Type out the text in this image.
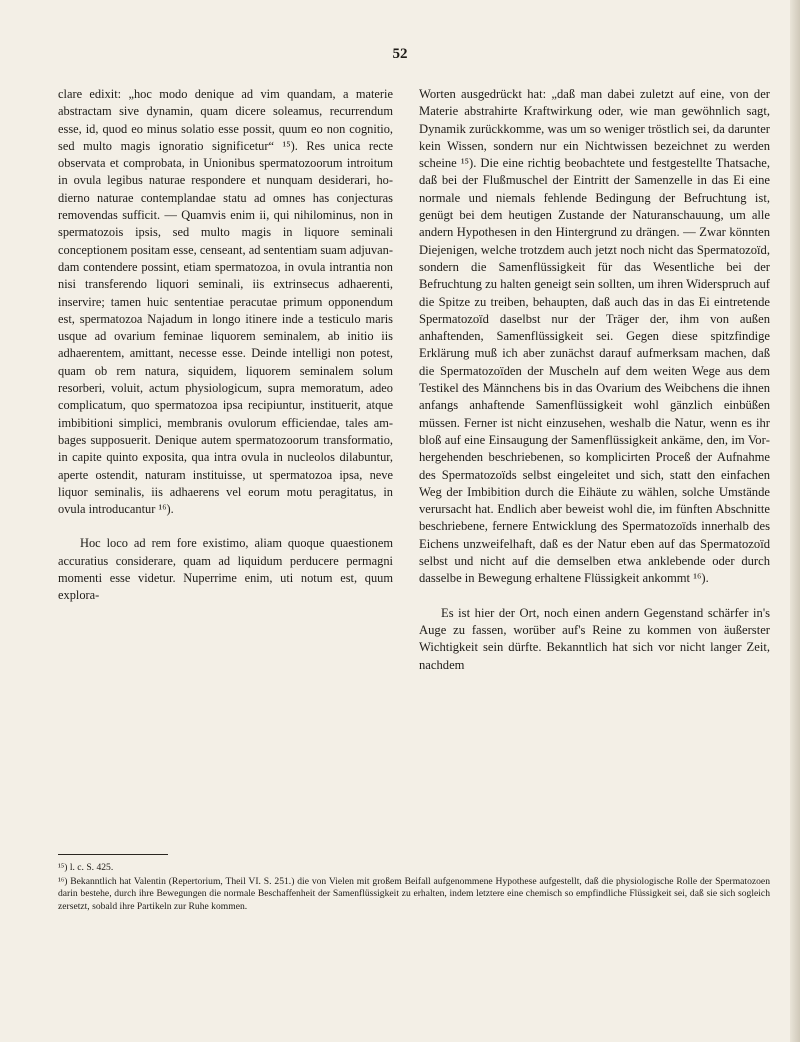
52

clare edixit: „hoc modo denique ad vim quandam, a materie abstractam sive dynamin, quam dicere soleamus, recurrendum esse, id, quod eo minus solatio esse possit, quum eo non cognitio, sed multo magis ignoratio significetur“ ¹⁵). Res unica recte observata et comprobata, in Unionibus spermatozoorum introitum in ovula legibus naturae respondere et nunquam desiderari, hodierno naturae contemplandae statu ad omnes has conjecturas removendas sufficit. — Quamvis enim ii, qui nihilominus, non in spermatozois ipsis, sed multo magis in liquore seminali conceptionem positam esse, censeant, ad sententiam suam adjuvandam contendere possint, etiam spermatozoa, in ovula intrantia non nisi transferendo liquori seminali, iis extrinsecus adhaerenti, inservire; tamen huic sententiae peracutae primum opponendum est, spermatozoa Najadum in longo itinere inde a testiculo maris usque ad ovarium feminae liquorem seminalem, ab initio iis adhaerentem, amittant, necesse esse. Deinde intelligi non potest, quam ob rem natura, siquidem, liquorem seminalem solum resorberi, voluit, actum physiologicum, supra memoratum, adeo complicatum, quo spermatozoa ipsa recipiuntur, instituerit, atque imbibitioni simplici, membranis ovulorum efficiendae, tales ambages supposuerit. Denique autem spermatozoorum transformatio, in capite quinto exposita, qua intra ovula in nucleolos dilabuntur, aperte ostendit, naturam instituisse, ut spermatozoa ipsa, neve liquor seminalis, iis adhaerens vel eorum motu peragitatus, in ovula introducantur ¹⁶).

Hoc loco ad rem fore existimo, aliam quoque quaestionem accuratius considerare, quam ad liquidum perducere permagni momenti esse videtur. Nuperrime enim, uti notum est, quum explora-

Worten ausgedrückt hat: „daß man dabei zuletzt auf eine, von der Materie abstrahirte Kraftwirkung oder, wie man gewöhnlich sagt, Dynamik zurückkomme, was um so weniger tröstlich sei, da darunter kein Wissen, sondern nur ein Nichtwissen bezeichnet zu werden scheine ¹⁵). Die eine richtig beobachtete und festgestellte Thatsache, daß bei der Flußmuschel der Eintritt der Samenzelle in das Ei eine normale und niemals fehlende Bedingung der Befruchtung ist, genügt bei dem heutigen Zustande der Naturanschauung, um alle andern Hypothesen in den Hintergrund zu drängen. — Zwar könnten Diejenigen, welche trotzdem auch jetzt noch nicht das Spermatozoïd, sondern die Samenflüssigkeit für das Wesentliche bei der Befruchtung zu halten geneigt sein sollten, um ihren Widerspruch auf die Spitze zu treiben, behaupten, daß auch das in das Ei eintretende Spermatozoïd daselbst nur der Träger der, ihm von außen anhaftenden, Samenflüssigkeit sei. Gegen diese spitzfindige Erklärung muß ich aber zunächst darauf aufmerksam machen, daß die Spermatozoïden der Muscheln auf dem weiten Wege aus dem Testikel des Männchens bis in das Ovarium des Weibchens die ihnen anfangs anhaftende Samenflüssigkeit wohl gänzlich einbüßen müssen. Ferner ist nicht einzusehen, weshalb die Natur, wenn es ihr bloß auf eine Einsaugung der Samenflüssigkeit ankäme, den, im Vorhergehenden beschriebenen, so komplicirten Proceß der Aufnahme des Spermatozoïds selbst eingeleitet und sich, statt den einfachen Weg der Imbibition durch die Eihäute zu wählen, solche Umstände verursacht hat. Endlich aber beweist wohl die, im fünften Abschnitte beschriebene, fernere Entwicklung des Spermatozoïds innerhalb des Eichens unzweifelhaft, daß es der Natur eben auf das Spermatozoïd selbst und nicht auf die demselben etwa anklebende oder durch dasselbe in Bewegung erhaltene Flüssigkeit ankommt ¹⁶).

Es ist hier der Ort, noch einen andern Gegenstand schärfer in's Auge zu fassen, worüber auf's Reine zu kommen von äußerster Wichtigkeit sein dürfte. Bekanntlich hat sich vor nicht langer Zeit, nachdem

¹⁵) l. c. S. 425.

¹⁶) Bekanntlich hat Valentin (Repertorium, Theil VI. S. 251.) die von Vielen mit großem Beifall aufgenommene Hypothese aufgestellt, daß die physiologische Rolle der Spermatozoen darin bestehe, durch ihre Bewegungen die normale Beschaffenheit der Samenflüssigkeit zu erhalten, indem letztere eine chemisch so empfindliche Flüssigkeit sei, daß sie sich sogleich zersetzt, sobald ihre Partikeln zur Ruhe kommen.
